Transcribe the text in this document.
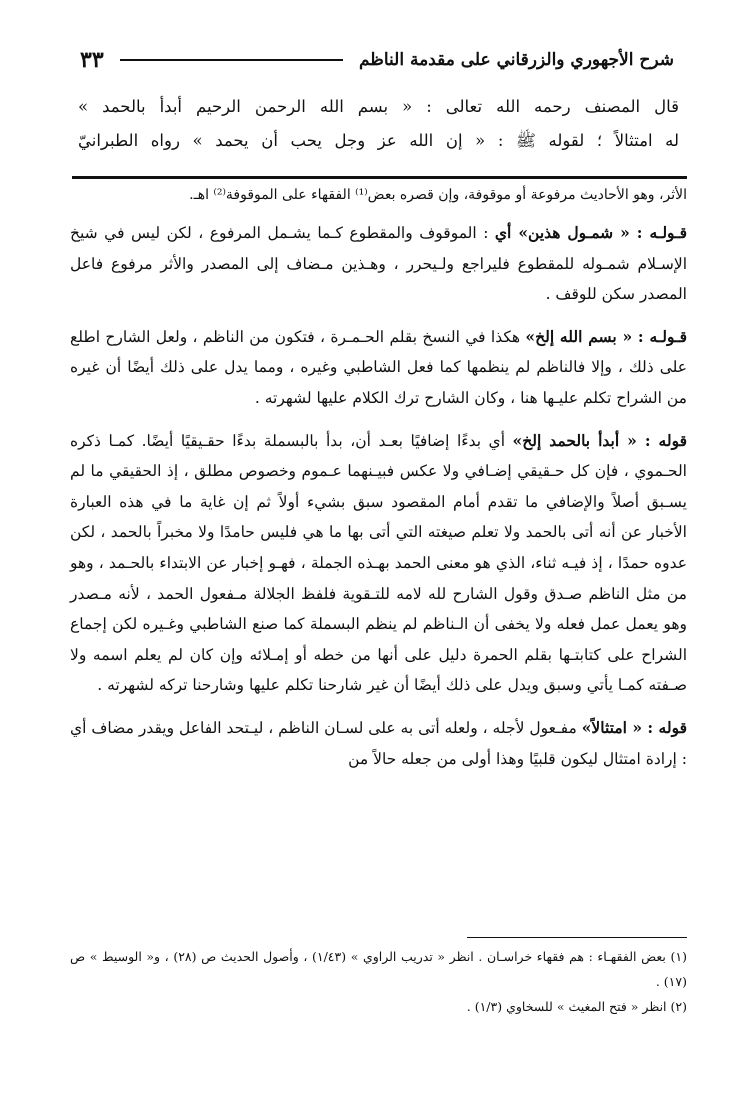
شرح الأجهوري والزرقاني على مقدمة الناظم
٣٣
قال المصنف رحمه الله تعالى : « بسم الله الرحمن الرحيم أبدأ بالحمد »
له امتثالاً ؛ لقوله ﷺ : « إن الله عز وجل يحب أن يحمد » رواه الطبرانيّ

الأثر، وهو الأحاديث مرفوعة أو موقوفة، وإن قصره بعض⁽¹⁾ الفقهاء على الموقوفة⁽²⁾ اهـ.

قـولـه : « شمـول هذين» أي : الموقوف والمقطوع كـما يشـمل المرفوع ، لكن ليس في شيخ الإسـلام شمـوله للمقطوع فليراجع ولـيحرر ، وهـذين مـضاف إلى المصدر والأثر مرفوع فاعل المصدر سكن للوقف .

قـولـه : « بسم الله إلخ» هكذا في النسخ بقلم الحـمـرة ، فتكون من الناظم ، ولعل الشارح اطلع على ذلك ، وإلا فالناظم لم ينظمها كما فعل الشاطبي وغيره ، ومما يدل على ذلك أيضًا أن غيره من الشراح تكلم عليـها هنا ، وكان الشارح ترك الكلام عليها لشهرته .

قوله : « أبدأ بالحمد إلخ» أي بدءًا إضافيًا بعـد أن، بدأ بالبسملة بدءًا حقـيقيًا أيضًا. كمـا ذكره الحـموي ، فإن كل حـقيقي إضـافي ولا عكس فبيـنهما عـموم وخصوص مطلق ، إذ الحقيقي ما لم يسـبق أصلاً والإضافي ما تقدم أمام المقصود سبق بشيء أولاً ثم إن غاية ما في هذه العبارة الأخبار عن أنه أتى بالحمد ولا تعلم صيغته التي أتى بها ما هي فليس حامدًا ولا مخبراً بالحمد ، لكن عدوه حمدًا ، إذ فيـه ثناء، الذي هو معنى الحمد بهـذه الجملة ، فهـو إخبار عن الابتداء بالحـمد ، وهو من مثل الناظم صـدق وقول الشارح لله لامه للتـقوية فلفظ الجلالة مـفعول الحمد ، لأنه مـصدر وهو يعمل عمل فعله ولا يخفى أن الـناظم لم ينظم البسملة كما صنع الشاطبي وغـيره لكن إجماع الشراح على كتابتـها بقلم الحمرة دليل على أنها من خطه أو إمـلائه وإن كان لم يعلم اسمه ولا صـفته كمـا يأتي وسبق ويدل على ذلك أيضًا أن غير شارحنا تكلم عليها وشارحنا تركه لشهرته .

قوله : « امتثالاً» مفـعول لأجله ، ولعله أتى به على لسـان الناظم ، ليـتحد الفاعل ويقدر مضاف أي : إرادة امتثال ليكون قلبيًا وهذا أولى من جعله حالاً من

(١) بعض الفقهـاء : هم فقهاء خراسـان . انظر « تدريب الراوي » (١/٤٣) ، وأصول الحديث ص (٢٨) ، و« الوسيط » ص (١٧) .

(٢) انظر « فتح المغيث » للسخاوي (١/٣) .
